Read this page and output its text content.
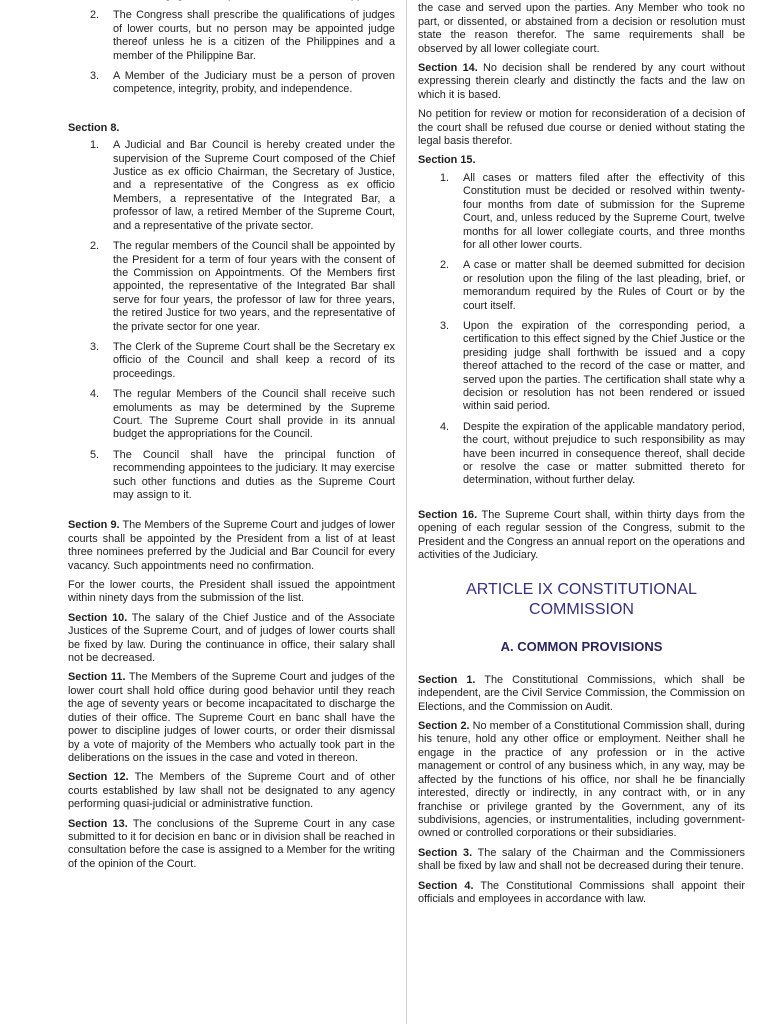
2.	The Congress shall prescribe the qualifications of judges of lower courts, but no person may be appointed judge thereof unless he is a citizen of the Philippines and a member of the Philippine Bar.
3.	A Member of the Judiciary must be a person of proven competence, integrity, probity, and independence.
Section 8.
1.	A Judicial and Bar Council is hereby created under the supervision of the Supreme Court composed of the Chief Justice as ex officio Chairman, the Secretary of Justice, and a representative of the Congress as ex officio Members, a representative of the Integrated Bar, a professor of law, a retired Member of the Supreme Court, and a representative of the private sector.
2.	The regular members of the Council shall be appointed by the President for a term of four years with the consent of the Commission on Appointments. Of the Members first appointed, the representative of the Integrated Bar shall serve for four years, the professor of law for three years, the retired Justice for two years, and the representative of the private sector for one year.
3.	The Clerk of the Supreme Court shall be the Secretary ex officio of the Council and shall keep a record of its proceedings.
4.	The regular Members of the Council shall receive such emoluments as may be determined by the Supreme Court. The Supreme Court shall provide in its annual budget the appropriations for the Council.
5.	The Council shall have the principal function of recommending appointees to the judiciary. It may exercise such other functions and duties as the Supreme Court may assign to it.

Section 9. The Members of the Supreme Court and judges of lower courts shall be appointed by the President from a list of at least three nominees preferred by the Judicial and Bar Council for every vacancy. Such appointments need no confirmation.

For the lower courts, the President shall issued the appointment within ninety days from the submission of the list.

Section 10. The salary of the Chief Justice and of the Associate Justices of the Supreme Court, and of judges of lower courts shall be fixed by law. During the continuance in office, their salary shall not be decreased.

Section 11. The Members of the Supreme Court and judges of the lower court shall hold office during good behavior until they reach the age of seventy years or become incapacitated to discharge the duties of their office. The Supreme Court en banc shall have the power to discipline judges of lower courts, or order their dismissal by a vote of majority of the Members who actually took part in the deliberations on the issues in the case and voted in thereon.

Section 12. The Members of the Supreme Court and of other courts established by law shall not be designated to any agency performing quasi-judicial or administrative function.

Section 13. The conclusions of the Supreme Court in any case submitted to it for decision en banc or in division shall be reached in consultation before the case is assigned to a Member for the writing of the opinion of the Court.

the case and served upon the parties. Any Member who took no part, or dissented, or abstained from a decision or resolution must state the reason therefor. The same requirements shall be observed by all lower collegiate court.

Section 14. No decision shall be rendered by any court without expressing therein clearly and distinctly the facts and the law on which it is based.

No petition for review or motion for reconsideration of a decision of the court shall be refused due course or denied without stating the legal basis therefor.

Section 15.
1.	All cases or matters filed after the effectivity of this Constitution must be decided or resolved within twenty-four months from date of submission for the Supreme Court, and, unless reduced by the Supreme Court, twelve months for all lower collegiate courts, and three months for all other lower courts.
2.	A case or matter shall be deemed submitted for decision or resolution upon the filing of the last pleading, brief, or memorandum required by the Rules of Court or by the court itself.
3.	Upon the expiration of the corresponding period, a certification to this effect signed by the Chief Justice or the presiding judge shall forthwith be issued and a copy thereof attached to the record of the case or matter, and served upon the parties. The certification shall state why a decision or resolution has not been rendered or issued within said period.
4.	Despite the expiration of the applicable mandatory period, the court, without prejudice to such responsibility as may have been incurred in consequence thereof, shall decide or resolve the case or matter submitted thereto for determination, without further delay.

Section 16. The Supreme Court shall, within thirty days from the opening of each regular session of the Congress, submit to the President and the Congress an annual report on the operations and activities of the Judiciary.

ARTICLE IX CONSTITUTIONAL COMMISSION
A. COMMON PROVISIONS

Section 1. The Constitutional Commissions, which shall be independent, are the Civil Service Commission, the Commission on Elections, and the Commission on Audit.

Section 2. No member of a Constitutional Commission shall, during his tenure, hold any other office or employment. Neither shall he engage in the practice of any profession or in the active management or control of any business which, in any way, may be affected by the functions of his office, nor shall he be financially interested, directly or indirectly, in any contract with, or in any franchise or privilege granted by the Government, any of its subdivisions, agencies, or instrumentalities, including government-owned or controlled corporations or their subsidiaries.

Section 3. The salary of the Chairman and the Commissioners shall be fixed by law and shall not be decreased during their tenure.

Section 4. The Constitutional Commissions shall appoint their officials and employees in accordance with law.
